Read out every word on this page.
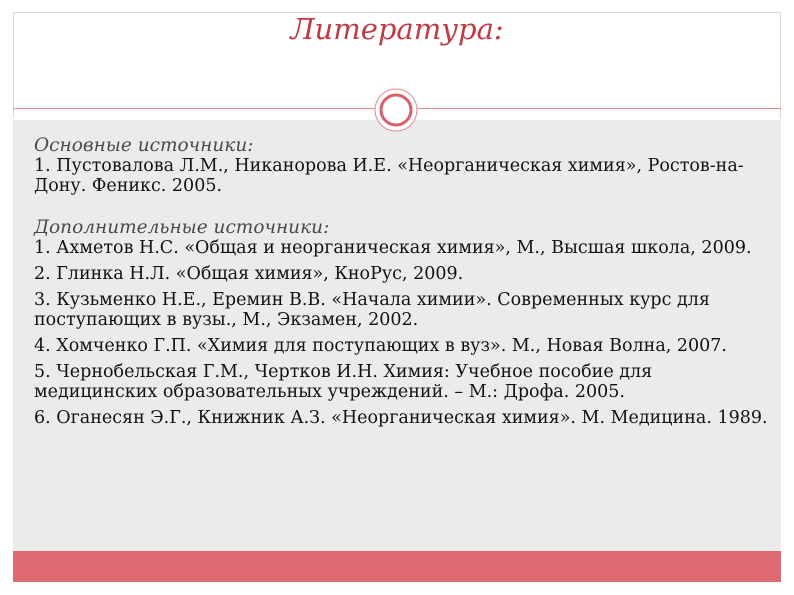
Литература:

Основные источники:

1. Пустовалова Л.М., Никанорова И.Е. «Неорганическая химия», Ростов-на-Дону. Феникс. 2005.

Дополнительные источники:

1. Ахметов Н.С. «Общая и неорганическая химия», М., Высшая школа, 2009.
2. Глинка Н.Л. «Общая химия», КноРус, 2009.
3. Кузьменко Н.Е., Еремин В.В. «Начала химии». Современных курс для поступающих в вузы., М., Экзамен, 2002.
4. Хомченко Г.П. «Химия для поступающих в вуз». М., Новая Волна, 2007.
5. Чернобельская Г.М., Чертков И.Н. Химия: Учебное пособие для медицинских образовательных учреждений. – М.: Дрофа. 2005.
6. Оганесян Э.Г., Книжник А.З. «Неорганическая химия». М. Медицина. 1989.
